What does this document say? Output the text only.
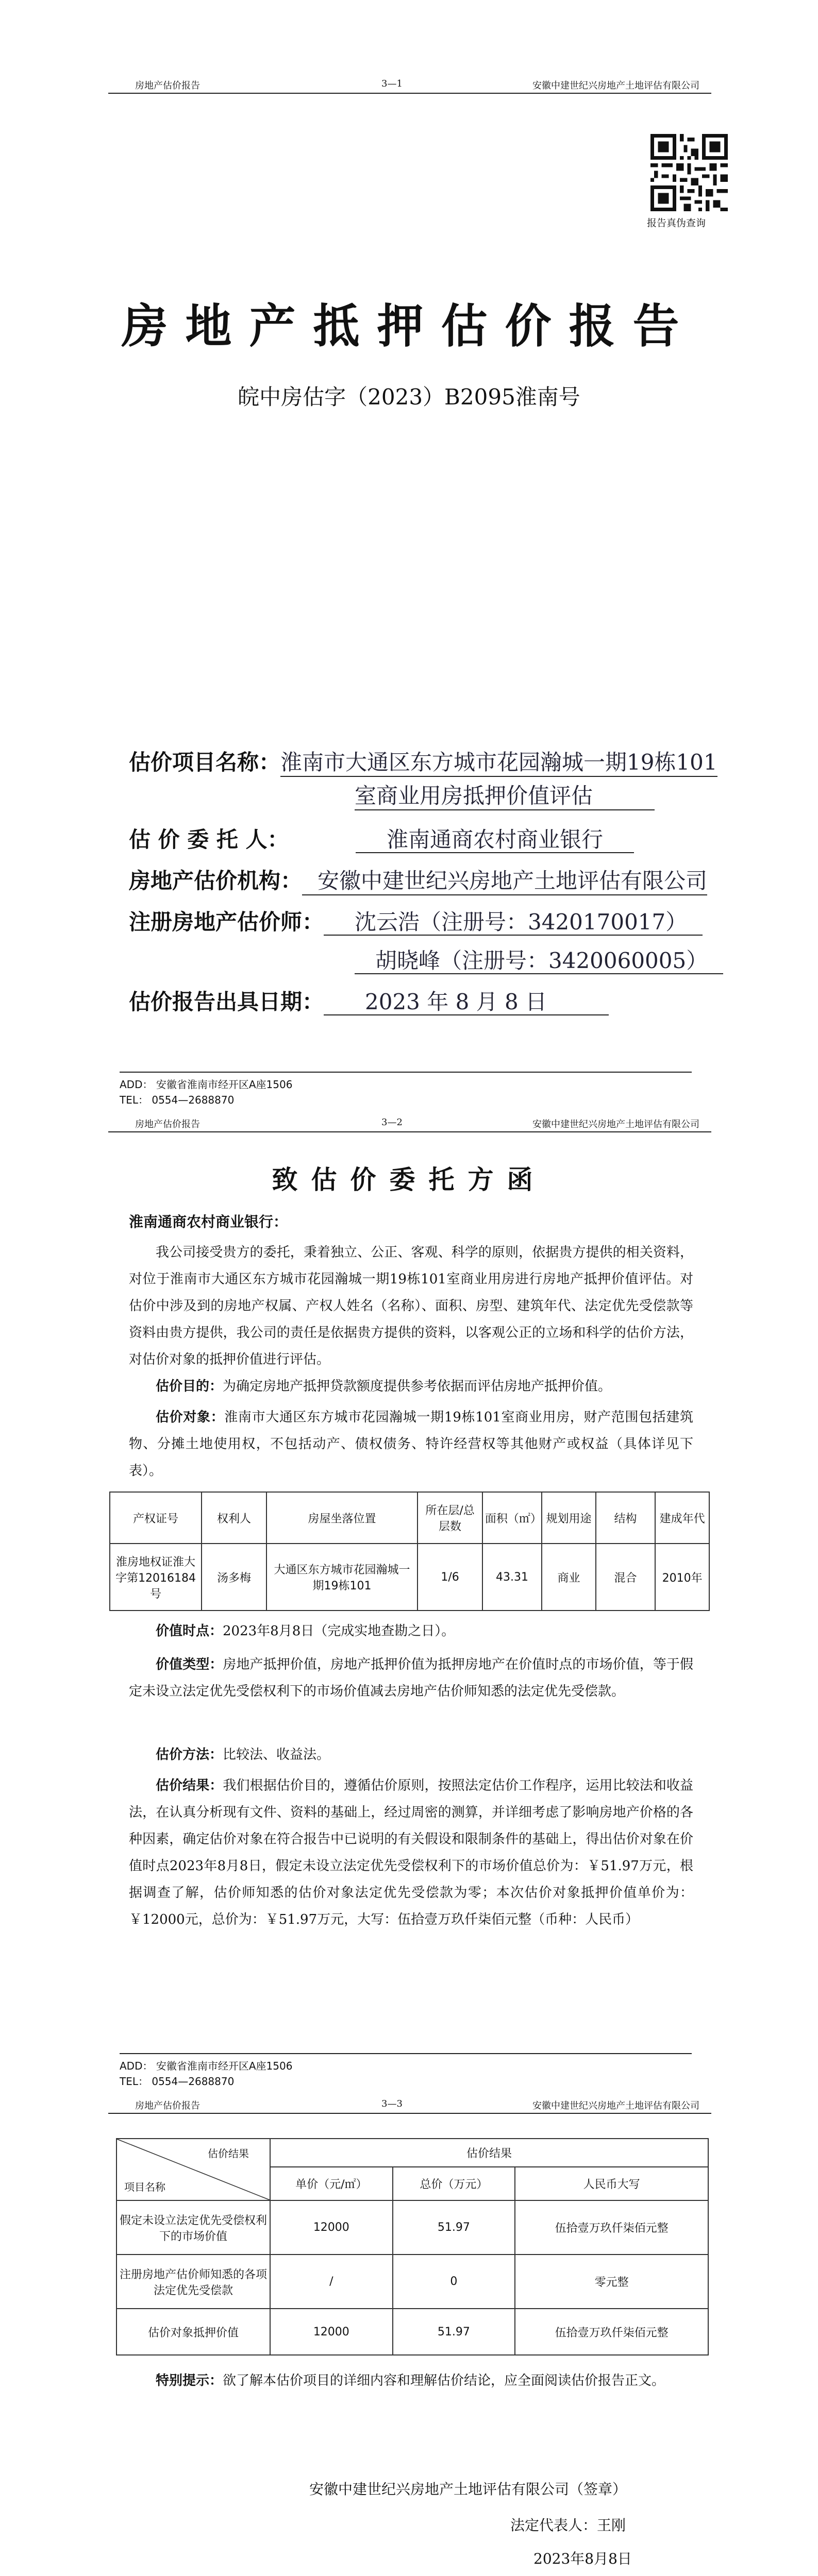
房地产估价报告	3—1	安徽中建世纪兴房地产土地评估有限公司
报告真伪查询
房地产抵押估价报告
皖中房估字（2023）B2095淮南号
估价项目名称：淮南市大通区东方城市花园瀚城一期19栋101
室商业用房抵押价值评估
估 价 委 托 人：	淮南通商农村商业银行
房地产估价机构： 安徽中建世纪兴房地产土地评估有限公司
注册房地产估价师： 沈云浩（注册号：3420170017）
胡晓峰（注册号：3420060005）
估价报告出具日期： 2023 年 8 月 8 日
ADD： 安徽省淮南市经开区A座1506
TEL： 0554—2688870
房地产估价报告	3—2	安徽中建世纪兴房地产土地评估有限公司
致估价委托方函
淮南通商农村商业银行：
我公司接受贵方的委托，秉着独立、公正、客观、科学的原则，依据贵方提供的相关资料，对位于淮南市大通区东方城市花园瀚城一期19栋101室商业用房进行房地产抵押价值评估。对估价中涉及到的房地产权属、产权人姓名（名称）、面积、房型、建筑年代、法定优先受偿款等资料由贵方提供，我公司的责任是依据贵方提供的资料，以客观公正的立场和科学的估价方法，对估价对象的抵押价值进行评估。
估价目的：为确定房地产抵押贷款额度提供参考依据而评估房地产抵押价值。
估价对象：淮南市大通区东方城市花园瀚城一期19栋101室商业用房，财产范围包括建筑物、分摊土地使用权，不包括动产、债权债务、特许经营权等其他财产或权益（具体详见下表）。
产权证号	权利人	房屋坐落位置	所在层/总层数	面积（㎡）	规划用途	结构	建成年代
淮房地权证淮大字第12016184号	汤多梅	大通区东方城市花园瀚城一期19栋101	1/6	43.31	商业	混合	2010年
价值时点：2023年8月8日（完成实地查勘之日）。
价值类型：房地产抵押价值，房地产抵押价值为抵押房地产在价值时点的市场价值，等于假定未设立法定优先受偿权利下的市场价值减去房地产估价师知悉的法定优先受偿款。
估价方法：比较法、收益法。
估价结果：我们根据估价目的，遵循估价原则，按照法定估价工作程序，运用比较法和收益法，在认真分析现有文件、资料的基础上，经过周密的测算，并详细考虑了影响房地产价格的各种因素，确定估价对象在符合报告中已说明的有关假设和限制条件的基础上，得出估价对象在价值时点2023年8月8日，假定未设立法定优先受偿权利下的市场价值总价为：￥51.97万元，根据调查了解，估价师知悉的估价对象法定优先受偿款为零；本次估价对象抵押价值单价为：￥12000元，总价为：￥51.97万元，大写：伍拾壹万玖仟柒佰元整（币种：人民币）
ADD： 安徽省淮南市经开区A座1506
TEL： 0554—2688870
房地产估价报告	3—3	安徽中建世纪兴房地产土地评估有限公司
估价结果
项目名称	估价结果		
	单价（元/㎡）	总价（万元）	人民币大写
假定未设立法定优先受偿权利下的市场价值	12000	51.97	伍拾壹万玖仟柒佰元整
注册房地产估价师知悉的各项法定优先受偿款	/	0	零元整
估价对象抵押价值	12000	51.97	伍拾壹万玖仟柒佰元整
特别提示：欲了解本估价项目的详细内容和理解估价结论，应全面阅读估价报告正文。
安徽中建世纪兴房地产土地评估有限公司（签章）
法定代表人：王刚
2023年8月8日
